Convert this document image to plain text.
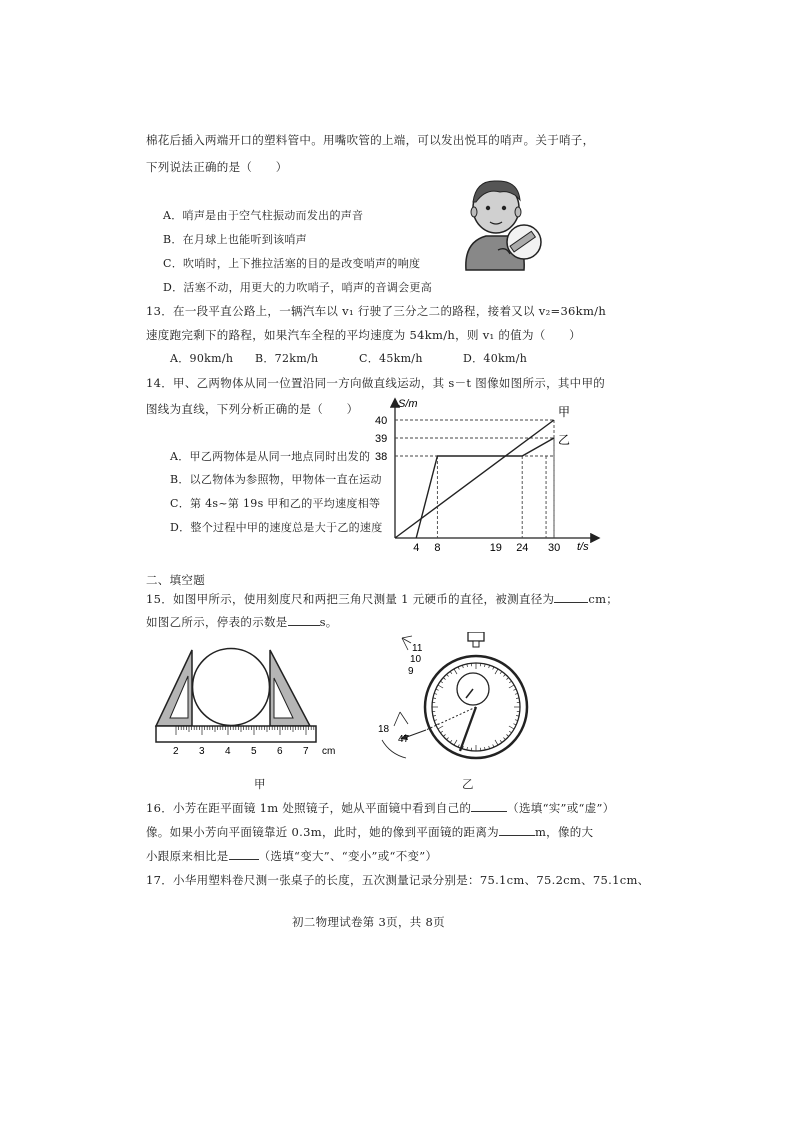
棉花后插入两端开口的塑料管中。用嘴吹管的上端，可以发出悦耳的哨声。关于哨子，
下列说法正确的是（　　）
A．哨声是由于空气柱振动而发出的声音
B．在月球上也能听到该哨声
C．吹哨时，上下推拉活塞的目的是改变哨声的响度
D．活塞不动，用更大的力吹哨子，哨声的音调会更高
13．在一段平直公路上，一辆汽车以 v₁ 行驶了三分之二的路程，接着又以 v₂=36km/h
速度跑完剩下的路程，如果汽车全程的平均速度为 54km/h，则 v₁ 的值为（　　）
A．90km/h B．72km/h	C．45km/h	D．40km/h
14．甲、乙两物体从同一位置沿同一方向做直线运动，其 s－t 图像如图所示，其中甲的
图线为直线，下列分析正确的是（　　）
A．甲乙两物体是从同一地点同时出发的
B．以乙物体为参照物，甲物体一直在运动
C．第 4s~第 19s 甲和乙的平均速度相等
D．整个过程中甲的速度总是大于乙的速度
S/m
t/s
38
39
40
4 8	19 24 30
甲
乙
二、填空题
15．如图甲所示，使用刻度尺和两把三角尺测量 1 元硬币的直径，被测直径为	cm；
如图乙所示，停表的示数是	s。
2 3 4 5 6 7 cm
甲
11
10
9
18
47
乙
16．小芳在距平面镜 1m 处照镜子，她从平面镜中看到自己的	（选填“实”或“虚”）
像。如果小芳向平面镜靠近 0.3m，此时，她的像到平面镜的距离为	m，像的大
小跟原来相比是	（选填“变大”、“变小”或“不变”）
17．小华用塑料卷尺测一张桌子的长度，五次测量记录分别是：75.1cm、75.2cm、75.1cm、
初二物理试卷第 3页，共 8页
